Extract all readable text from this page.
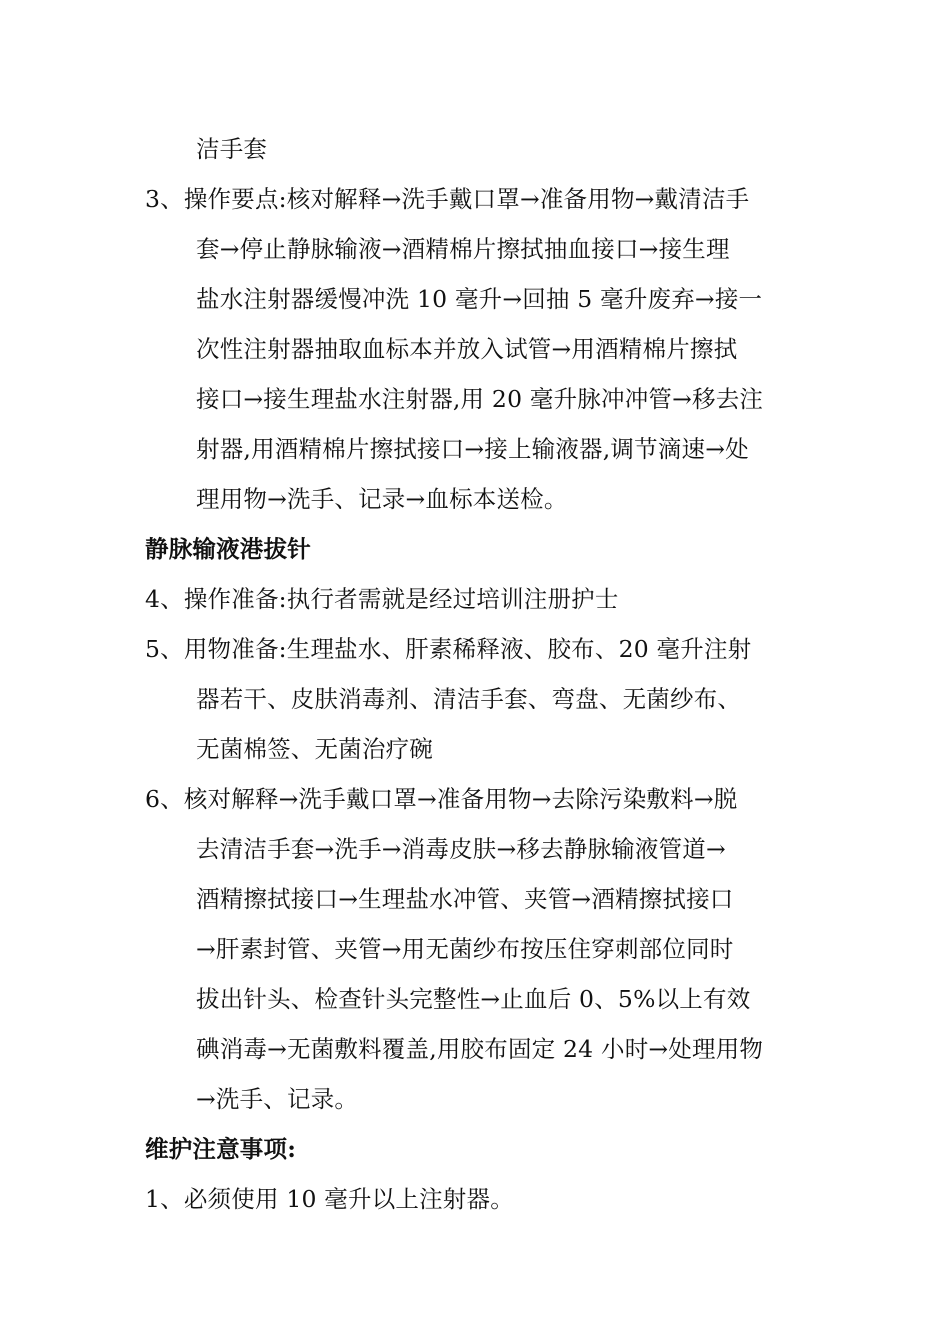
洁手套
3、操作要点:核对解释→洗手戴口罩→准备用物→戴清洁手
套→停止静脉输液→酒精棉片擦拭抽血接口→接生理
盐水注射器缓慢冲洗 10 毫升→回抽 5 毫升废弃→接一
次性注射器抽取血标本并放入试管→用酒精棉片擦拭
接口→接生理盐水注射器,用 20 毫升脉冲冲管→移去注
射器,用酒精棉片擦拭接口→接上输液器,调节滴速→处
理用物→洗手、记录→血标本送检。
静脉输液港拔针
4、操作准备:执行者需就是经过培训注册护士
5、用物准备:生理盐水、肝素稀释液、胶布、20 毫升注射
器若干、皮肤消毒剂、清洁手套、弯盘、无菌纱布、
无菌棉签、无菌治疗碗
6、核对解释→洗手戴口罩→准备用物→去除污染敷料→脱
去清洁手套→洗手→消毒皮肤→移去静脉输液管道→
酒精擦拭接口→生理盐水冲管、夹管→酒精擦拭接口
→肝素封管、夹管→用无菌纱布按压住穿刺部位同时
拔出针头、检查针头完整性→止血后 0、5%以上有效
碘消毒→无菌敷料覆盖,用胶布固定 24 小时→处理用物
→洗手、记录。
维护注意事项:
1、必须使用 10 毫升以上注射器。
